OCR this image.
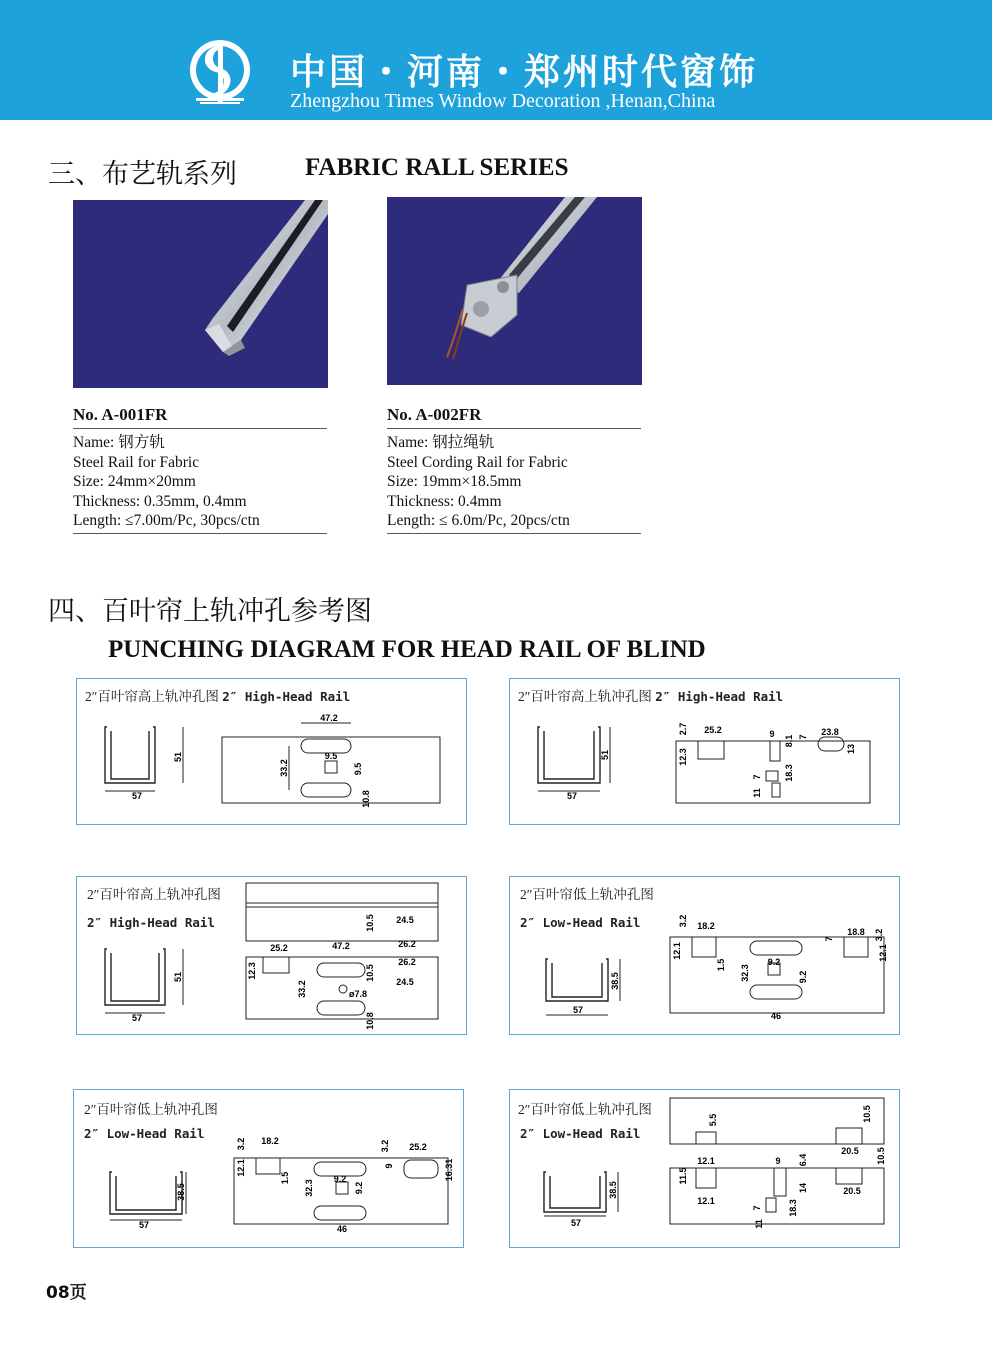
中国・河南・郑州时代窗饰
Zhengzhou Times Window Decoration ,Henan,China
三、布艺轨系列	FABRIC RALL SERIES
No. A-001FR
Name: 钢方轨
Steel Rail for Fabric
Size: 24mm×20mm
Thickness: 0.35mm, 0.4mm
Length: ≤7.00m/Pc, 30pcs/ctn
No. A-002FR
Name: 钢拉绳轨
Steel Cording Rail for Fabric
Size: 19mm×18.5mm
Thickness: 0.4mm
Length: ≤ 6.0m/Pc, 20pcs/ctn
四、百叶帘上轨冲孔参考图
PUNCHING DIAGRAM FOR HEAD RAIL OF BLIND
2″百叶帘高上轨冲孔图 2″ High-Head Rail
57
51
47.2
33.2
9.5
9.5
10.8
2″百叶帘高上轨冲孔图 2″ High-Head Rail
57
51
25.2
12.3
2.7	9
8.1 7 23.8
13
7
11
18.3
2″百叶帘高上轨冲孔图
2″ High-Head Rail
57
51
10.5 24.5
25.2	47.2	26.2
26.2
12.3	10.5
24.5
33.2	ø7.8
10.8
2″百叶帘低上轨冲孔图
2″ Low-Head Rail
57
38.5
3.2 18.2
12.1
1.5 32.3
9.2
9.2
46
7
18.8 3.2
12.1
2″百叶帘低上轨冲孔图
2″ Low-Head Rail
57
38.5
3.2 18.2
12.1
1.5
32.3
9.2
9.2
46
3.2
9
25.2
16.31
2″百叶帘低上轨冲孔图
2″ Low-Head Rail
57
38.5
5.5
12.1
10.5
20.5 10.5
9 6.4
11.5
12.1
14
18.3
7
20.5
11
08页
